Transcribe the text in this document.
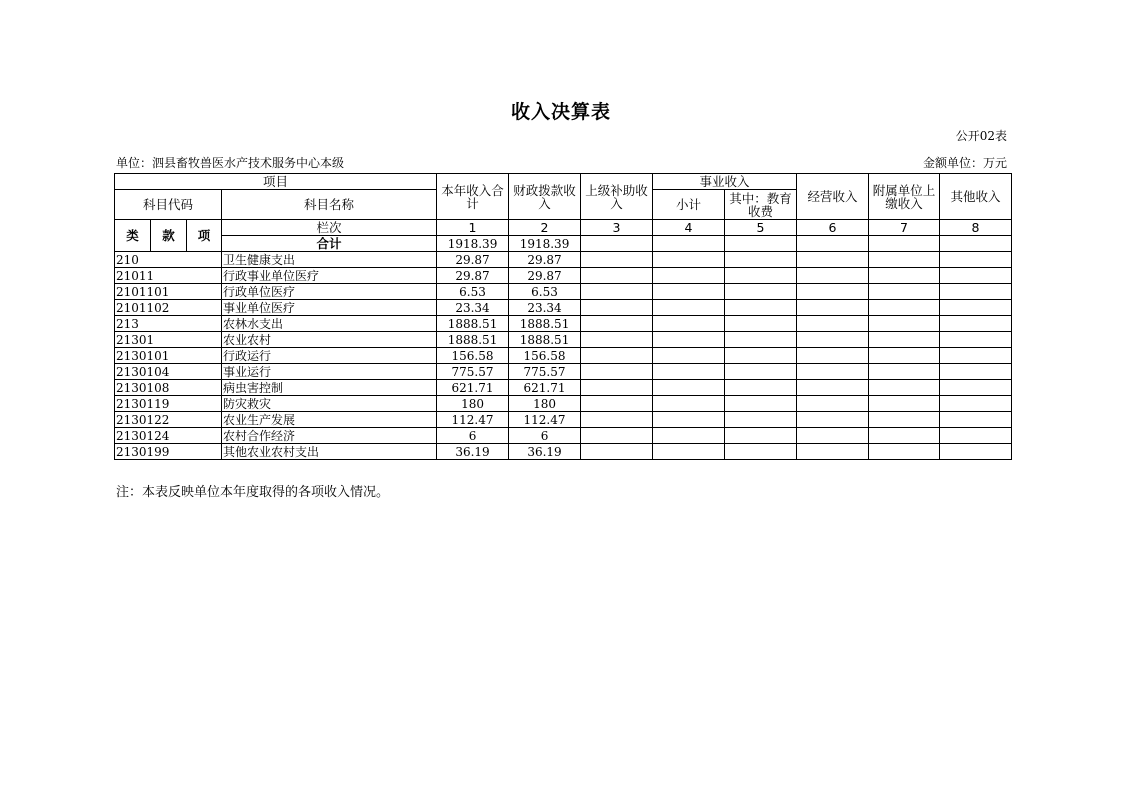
收入决算表
公开02表
单位：泗县畜牧兽医水产技术服务中心本级	金额单位：万元
项目				本年收入合计	财政拨款收入	上级补助收入	事业收入		经营收入	附属单位上缴收入	其他收入
科目代码			科目名称				小计	其中：教育收费			
类	款	项	栏次	1	2	3	4	5	6	7	8
			合计	1918.39	1918.39						
210			卫生健康支出	29.87	29.87						
21011			行政事业单位医疗	29.87	29.87						
2101101			行政单位医疗	6.53	6.53						
2101102			事业单位医疗	23.34	23.34						
213			农林水支出	1888.51	1888.51						
21301			农业农村	1888.51	1888.51						
2130101			行政运行	156.58	156.58						
2130104			事业运行	775.57	775.57						
2130108			病虫害控制	621.71	621.71						
2130119			防灾救灾	180	180						
2130122			农业生产发展	112.47	112.47						
2130124			农村合作经济	6	6						
2130199			其他农业农村支出	36.19	36.19						
注：本表反映单位本年度取得的各项收入情况。
